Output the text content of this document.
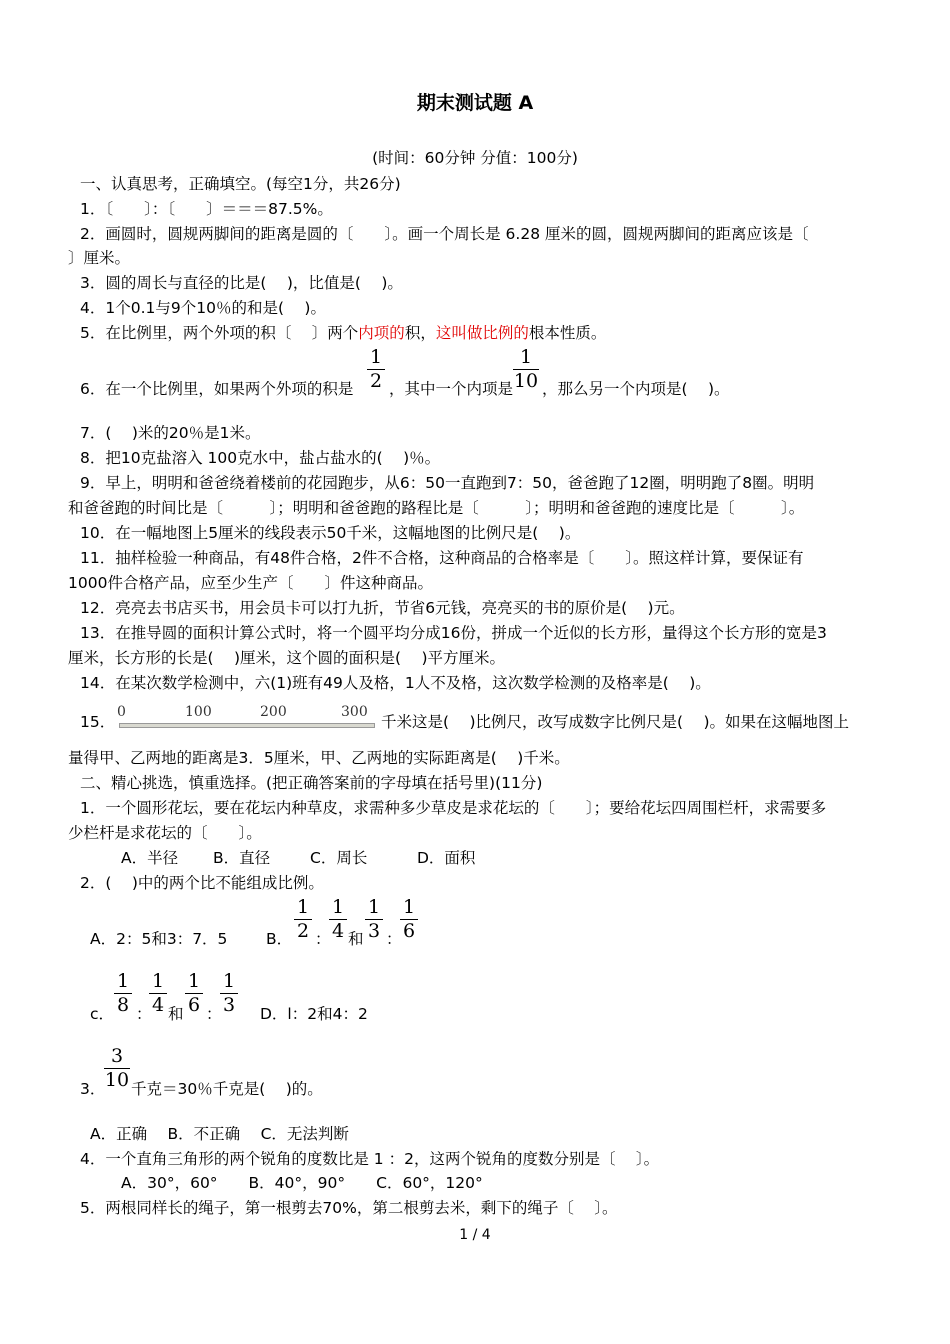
期末测试题 A
(时间：60分钟 分值：100分)
一、认真思考，正确填空。(每空1分，共26分)
1．〔　　〕：〔　　〕＝＝＝87.5%。
2．画圆时，圆规两脚间的距离是圆的〔　　〕。画一个周长是 6.28 厘米的圆，圆规两脚间的距离应该是〔
〕厘米。
3．圆的周长与直径的比是(　 )，比值是(　 )。
4．1个0.1与9个10％的和是(　 )。
5．在比例里，两个外项的积〔　 〕两个内项的积，这叫做比例的根本性质。
6．在一个比例里，如果两个外项的积是
1
2 ，其中一个内项是
1
10 ，那么另一个内项是(　 )。
7．(　 )米的20％是1米。
8．把10克盐溶入 100克水中，盐占盐水的(　 )％。
9．早上，明明和爸爸绕着楼前的花园跑步，从6：50一直跑到7：50，爸爸跑了12圈，明明跑了8圈。明明
和爸爸跑的时间比是〔　　　〕；明明和爸爸跑的路程比是〔　　　〕；明明和爸爸跑的速度比是〔　　　〕。
10．在一幅地图上5厘米的线段表示50千米，这幅地图的比例尺是(　 )。
11．抽样检验一种商品，有48件合格，2件不合格，这种商品的合格率是〔　　〕。照这样计算，要保证有
1000件合格产品，应至少生产〔　　〕件这种商品。
12．亮亮去书店买书，用会员卡可以打九折，节省6元钱，亮亮买的书的原价是(　 )元。
13．在推导圆的面积计算公式时，将一个圆平均分成16份，拼成一个近似的长方形，量得这个长方形的宽是3
厘米，长方形的长是(　 )厘米，这个圆的面积是(　 )平方厘米。
14．在某次数学检测中，六(1)班有49人及格，1人不及格，这次数学检测的及格率是(　 )。
15．
0	100	200	300
千米这是(　 )比例尺，改写成数字比例尺是(　 )。如果在这幅地图上
量得甲、乙两地的距离是3．5厘米，甲、乙两地的实际距离是(　 )千米。
二、精心挑选，慎重选择。(把正确答案前的字母填在括号里)(11分)
1．一个圆形花坛，要在花坛内种草皮，求需种多少草皮是求花坛的〔　　〕；要给花坛四周围栏杆，求需要多
少栏杆是求花坛的〔　　〕。
A．半径 B．直径	C．周长	D．面积
2．(　 )中的两个比不能组成比例。
A．2：5和3：7．5 B．
1
2 ：
1
4 和
1
3 ：
1
6
c．
1
8 ：
1
4 和
1
6 ：
1
3 D．l：2和4：2
3．
3
10 千克＝30％千克是(　 )的。
A．正确　 B．不正确　 C．无法判断
4．一个直角三角形的两个锐角的度数比是 1 ：2，这两个锐角的度数分别是〔　 〕。
A．30°，60°　　B．40°，90°　　C．60°，120°
5．两根同样长的绳子，第一根剪去70%，第二根剪去米，剩下的绳子〔　 〕。
1 / 4
